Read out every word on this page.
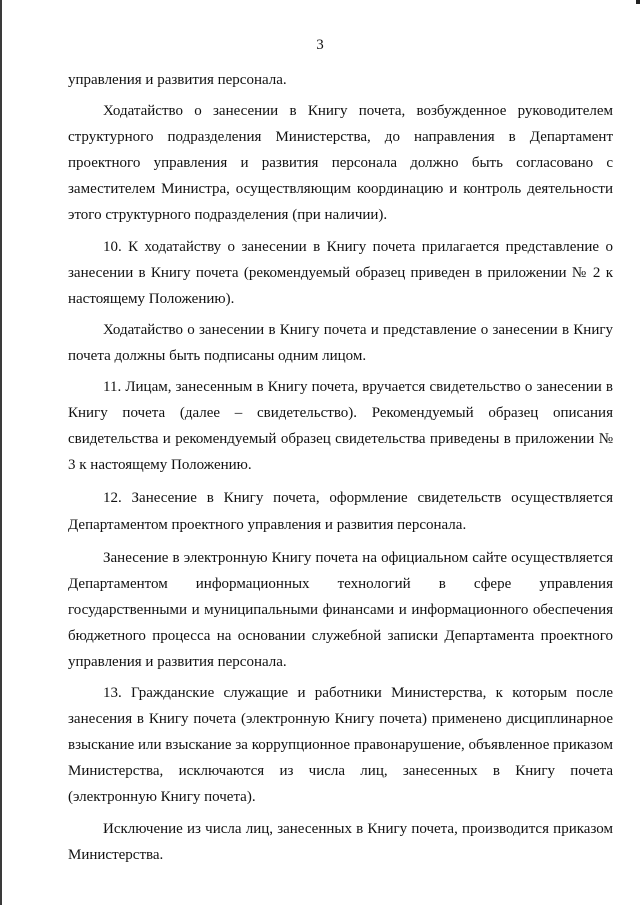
3

управления и развития персонала.

Ходатайство о занесении в Книгу почета, возбужденное руководителем структурного подразделения Министерства, до направления в Департамент проектного управления и развития персонала должно быть согласовано с заместителем Министра, осуществляющим координацию и контроль деятельности этого структурного подразделения (при наличии).

10. К ходатайству о занесении в Книгу почета прилагается представление о занесении в Книгу почета (рекомендуемый образец приведен в приложении № 2 к настоящему Положению).

Ходатайство о занесении в Книгу почета и представление о занесении в Книгу почета должны быть подписаны одним лицом.

11. Лицам, занесенным в Книгу почета, вручается свидетельство о занесении в Книгу почета (далее – свидетельство). Рекомендуемый образец описания свидетельства и рекомендуемый образец свидетельства приведены в приложении № 3 к настоящему Положению.

12. Занесение в Книгу почета, оформление свидетельств осуществляется Департаментом проектного управления и развития персонала.

Занесение в электронную Книгу почета на официальном сайте осуществляется Департаментом информационных технологий в сфере управления государственными и муниципальными финансами и информационного обеспечения бюджетного процесса на основании служебной записки Департамента проектного управления и развития персонала.

13. Гражданские служащие и работники Министерства, к которым после занесения в Книгу почета (электронную Книгу почета) применено дисциплинарное взыскание или взыскание за коррупционное правонарушение, объявленное приказом Министерства, исключаются из числа лиц, занесенных в Книгу почета (электронную Книгу почета).

Исключение из числа лиц, занесенных в Книгу почета, производится приказом Министерства.
